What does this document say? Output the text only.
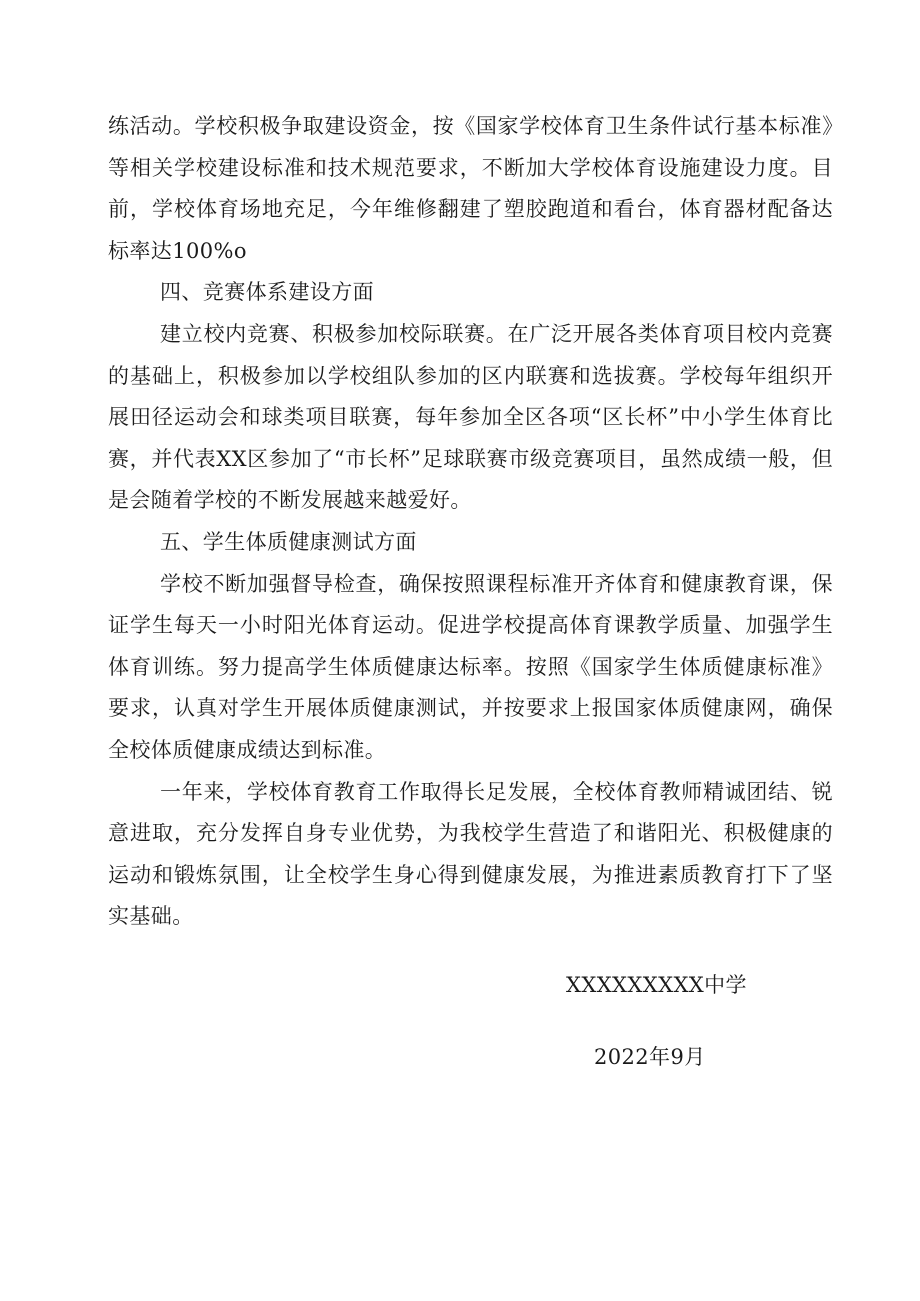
练活动。学校积极争取建设资金，按《国家学校体育卫生条件试行基本标准》等相关学校建设标准和技术规范要求，不断加大学校体育设施建设力度。目前，学校体育场地充足，今年维修翻建了塑胶跑道和看台，体育器材配备达标率达100%o

四、竞赛体系建设方面

建立校内竞赛、积极参加校际联赛。在广泛开展各类体育项目校内竞赛的基础上，积极参加以学校组队参加的区内联赛和选拔赛。学校每年组织开展田径运动会和球类项目联赛，每年参加全区各项“区长杯”中小学生体育比赛，并代表XX区参加了“市长杯”足球联赛市级竞赛项目，虽然成绩一般，但是会随着学校的不断发展越来越爱好。

五、学生体质健康测试方面

学校不断加强督导检查，确保按照课程标准开齐体育和健康教育课，保证学生每天一小时阳光体育运动。促进学校提高体育课教学质量、加强学生体育训练。努力提高学生体质健康达标率。按照《国家学生体质健康标准》要求，认真对学生开展体质健康测试，并按要求上报国家体质健康网，确保全校体质健康成绩达到标准。

一年来，学校体育教育工作取得长足发展，全校体育教师精诚团结、锐意进取，充分发挥自身专业优势，为我校学生营造了和谐阳光、积极健康的运动和锻炼氛围，让全校学生身心得到健康发展，为推进素质教育打下了坚实基础。

XXXXXXXXX中学
2022年9月
